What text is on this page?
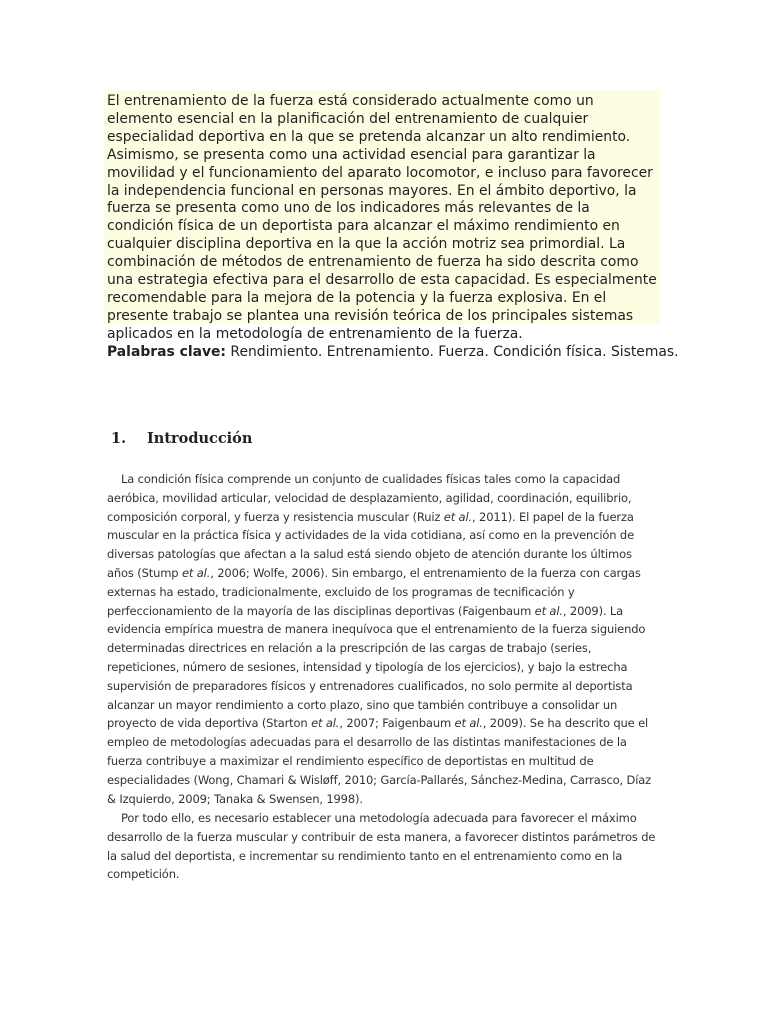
El entrenamiento de la fuerza está considerado actualmente como un elemento esencial en la planificación del entrenamiento de cualquier especialidad deportiva en la que se pretenda alcanzar un alto rendimiento. Asimismo, se presenta como una actividad esencial para garantizar la movilidad y el funcionamiento del aparato locomotor, e incluso para favorecer la independencia funcional en personas mayores. En el ámbito deportivo, la fuerza se presenta como uno de los indicadores más relevantes de la condición física de un deportista para alcanzar el máximo rendimiento en cualquier disciplina deportiva en la que la acción motriz sea primordial. La combinación de métodos de entrenamiento de fuerza ha sido descrita como una estrategia efectiva para el desarrollo de esta capacidad. Es especialmente recomendable para la mejora de la potencia y la fuerza explosiva. En el presente trabajo se plantea una revisión teórica de los principales sistemas aplicados en la metodología de entrenamiento de la fuerza.

Palabras clave: Rendimiento. Entrenamiento. Fuerza. Condición física. Sistemas.

1. Introducción

La condición física comprende un conjunto de cualidades físicas tales como la capacidad aeróbica, movilidad articular, velocidad de desplazamiento, agilidad, coordinación, equilibrio, composición corporal, y fuerza y resistencia muscular (Ruiz et al., 2011). El papel de la fuerza muscular en la práctica física y actividades de la vida cotidiana, así como en la prevención de diversas patologías que afectan a la salud está siendo objeto de atención durante los últimos años (Stump et al., 2006; Wolfe, 2006). Sin embargo, el entrenamiento de la fuerza con cargas externas ha estado, tradicionalmente, excluido de los programas de tecnificación y perfeccionamiento de la mayoría de las disciplinas deportivas (Faigenbaum et al., 2009). La evidencia empírica muestra de manera inequívoca que el entrenamiento de la fuerza siguiendo determinadas directrices en relación a la prescripción de las cargas de trabajo (series, repeticiones, número de sesiones, intensidad y tipología de los ejercicios), y bajo la estrecha supervisión de preparadores físicos y entrenadores cualificados, no solo permite al deportista alcanzar un mayor rendimiento a corto plazo, sino que también contribuye a consolidar un proyecto de vida deportiva (Starton et al., 2007; Faigenbaum et al., 2009). Se ha descrito que el empleo de metodologías adecuadas para el desarrollo de las distintas manifestaciones de la fuerza contribuye a maximizar el rendimiento específico de deportistas en multitud de especialidades (Wong, Chamari & Wisløff, 2010; García-Pallarés, Sánchez-Medina, Carrasco, Díaz & Izquierdo, 2009; Tanaka & Swensen, 1998).

Por todo ello, es necesario establecer una metodología adecuada para favorecer el máximo desarrollo de la fuerza muscular y contribuir de esta manera, a favorecer distintos parámetros de la salud del deportista, e incrementar su rendimiento tanto en el entrenamiento como en la competición.
